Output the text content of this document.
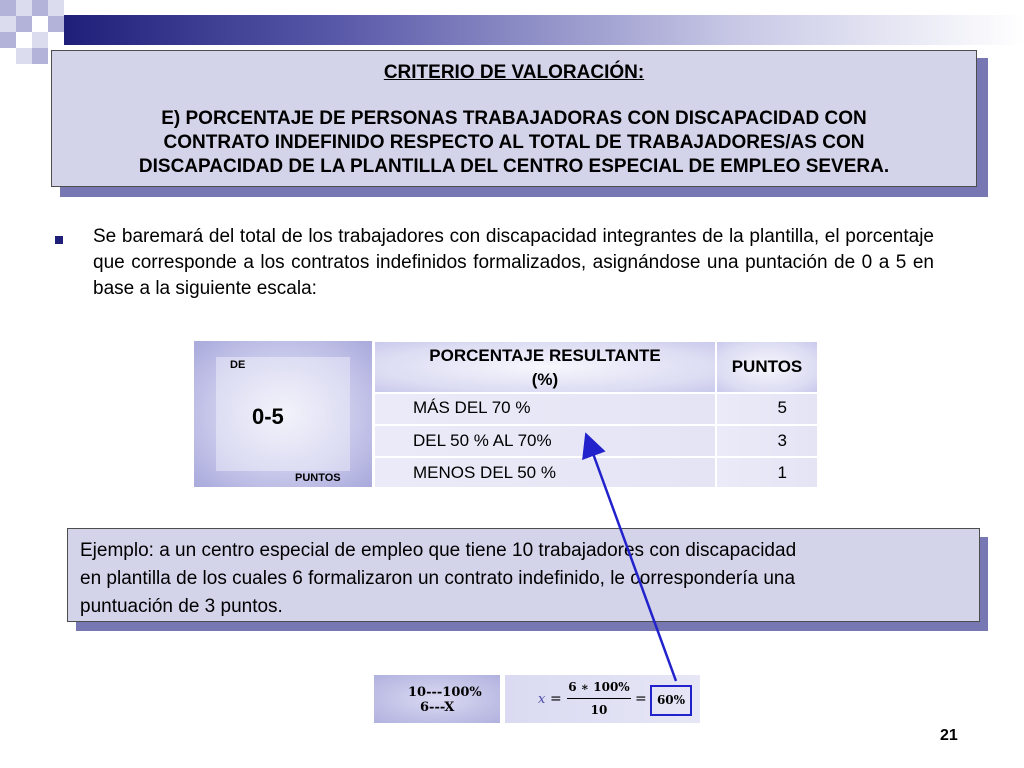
CRITERIO DE VALORACIÓN:
E) PORCENTAJE DE PERSONAS TRABAJADORAS CON DISCAPACIDAD CON
CONTRATO INDEFINIDO RESPECTO AL TOTAL DE TRABAJADORES/AS CON
DISCAPACIDAD DE LA PLANTILLA DEL CENTRO ESPECIAL DE EMPLEO SEVERA.
Se baremará del total de los trabajadores con discapacidad integrantes de la plantilla, el porcentaje que corresponde a los contratos indefinidos formalizados, asignándose una puntación de 0 a 5 en base a la siguiente escala:
DE
0-5
PUNTOS
PORCENTAJE RESULTANTE (%)
PUNTOS
MÁS DEL 70 %	5
DEL 50 % AL 70%	3
MENOS DEL 50 %	1
Ejemplo: a un centro especial de empleo que tiene 10 trabajadores con discapacidad
en plantilla de los cuales 6 formalizaron un contrato indefinido, le correspondería una
puntuación de 3 puntos.
10---100%
6---X
x =
6 ∗ 100%
10
= 60%
21
